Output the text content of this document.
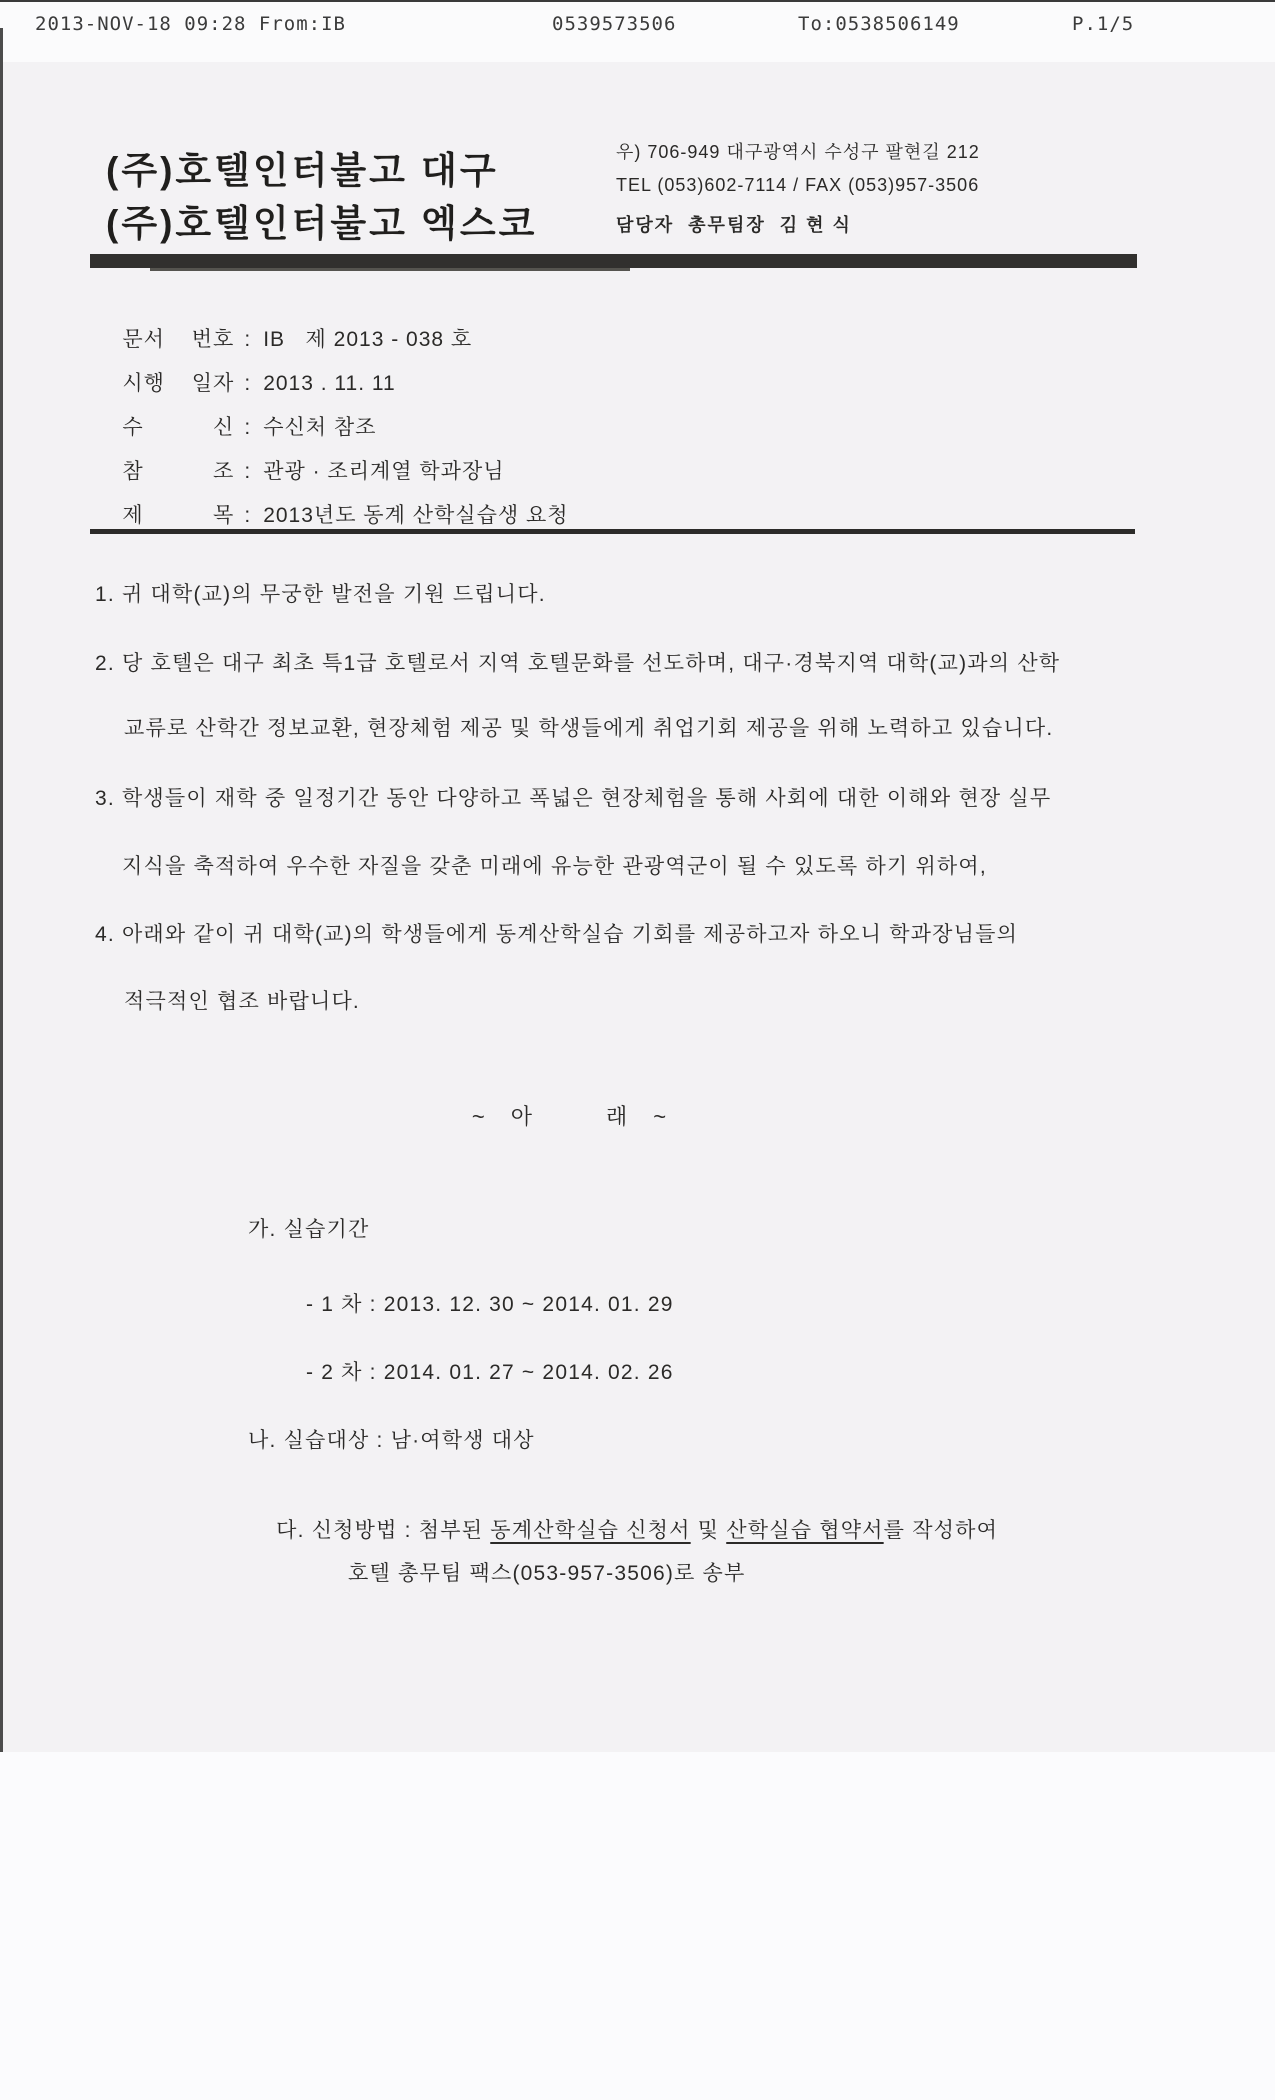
2013-NOV-18 09:28 From:IB	0539573506	To:0538506149	P.1/5
(주)호텔인터불고 대구
(주)호텔인터불고 엑스코
우) 706-949 대구광역시 수성구 팔현길 212
TEL (053)602-7114 / FAX (053)957-3506
담당자  총무팀장  김 현 식

문서 번호 : IB   제 2013 - 038 호

시행 일자 : 2013 . 11. 11

수 신 : 수신처 참조

참 조 : 관광 · 조리계열 학과장님

제 목 : 2013년도 동계 산학실습생 요청

1. 귀 대학(교)의 무궁한 발전을 기원 드립니다.
2. 당 호텔은 대구 최초 특1급 호텔로서 지역 호텔문화를 선도하며, 대구·경북지역 대학(교)과의 산학
교류로 산학간 정보교환, 현장체험 제공 및 학생들에게 취업기회 제공을 위해 노력하고 있습니다.
3. 학생들이 재학 중 일정기간 동안 다양하고 폭넓은 현장체험을 통해 사회에 대한 이해와 현장 실무
지식을 축적하여 우수한 자질을 갖춘 미래에 유능한 관광역군이 될 수 있도록 하기 위하여,
4. 아래와 같이 귀 대학(교)의 학생들에게 동계산학실습 기회를 제공하고자 하오니 학과장님들의
적극적인 협조 바랍니다.
~　아　　　래　~
가. 실습기간
- 1 차 : 2013. 12. 30 ~ 2014. 01. 29
- 2 차 : 2014. 01. 27 ~ 2014. 02. 26
나. 실습대상 : 남·여학생 대상

다. 신청방법 : 첨부된 동계산학실습 신청서 및 산학실습 협약서를 작성하여

호텔 총무팀 팩스(053-957-3506)로 송부
